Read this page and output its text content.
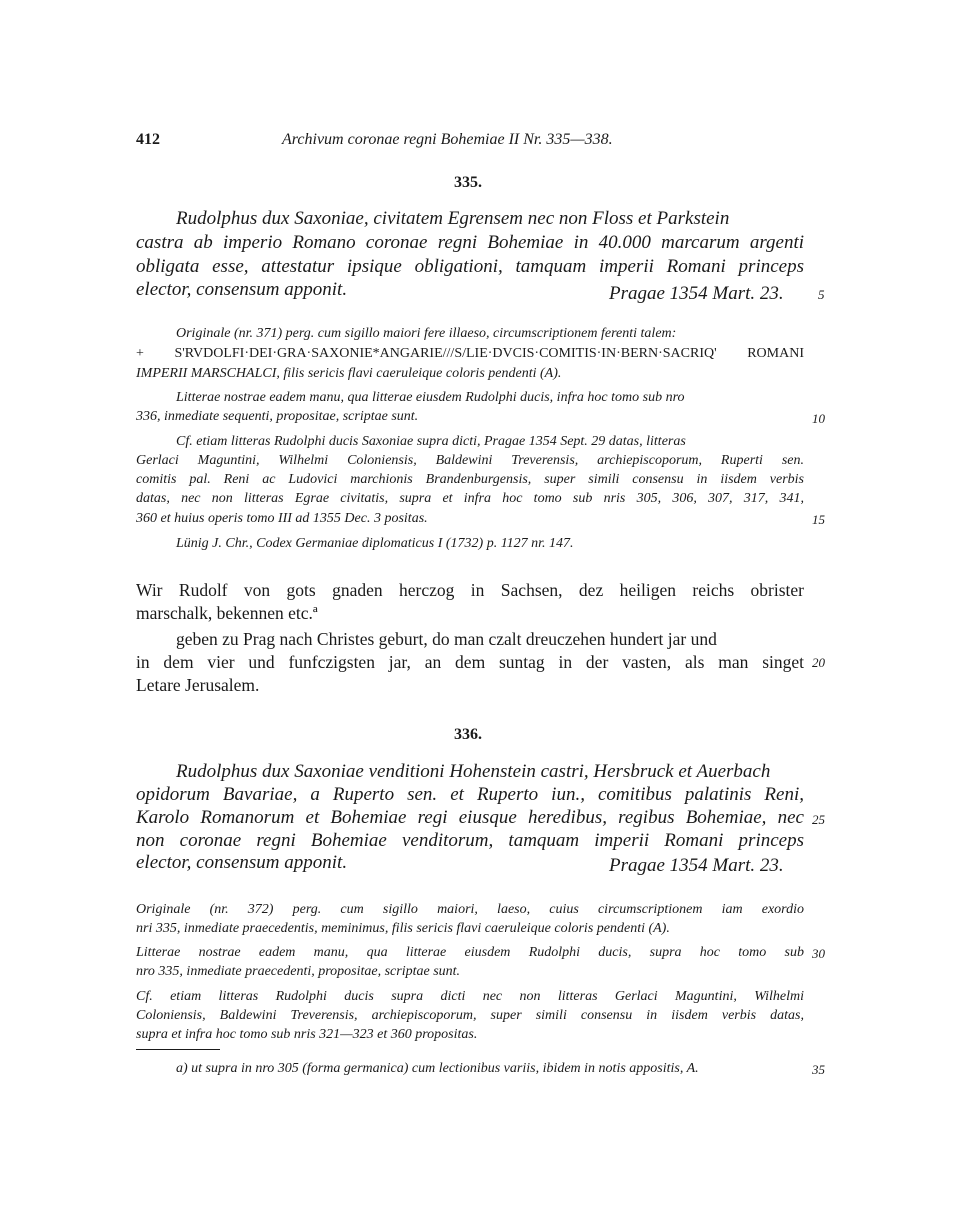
412	Archivum coronae regni Bohemiae II Nr. 335—338.
335.
Rudolphus dux Saxoniae, civitatem Egrensem nec non Floss et Parkstein
castra ab imperio Romano coronae regni Bohemiae in 40.000 marcarum argenti
obligata esse, attestatur ipsique obligationi, tamquam imperii Romani princeps
elector, consensum apponit.	Pragae 1354 Mart. 23.	5
Originale (nr. 371) perg. cum sigillo maiori fere illaeso, circumscriptionem ferenti talem:
+ S'RVDOLFI·DEI·GRA·SAXONIE*ANGARIE///S/LIE·DVCIS·COMITIS·IN·BERN·SACRIQ' ROMANI
IMPERII MARSCHALCI, filis sericis flavi caeruleique coloris pendenti (A).
Litterae nostrae eadem manu, qua litterae eiusdem Rudolphi ducis, infra hoc tomo sub nro
336, inmediate sequenti, propositae, scriptae sunt.	10
Cf. etiam litteras Rudolphi ducis Saxoniae supra dicti, Pragae 1354 Sept. 29 datas, litteras
Gerlaci Maguntini, Wilhelmi Coloniensis, Baldewini Treverensis, archiepiscoporum, Ruperti sen.
comitis pal. Reni ac Ludovici marchionis Brandenburgensis, super simili consensu in iisdem verbis
datas, nec non litteras Egrae civitatis, supra et infra hoc tomo sub nris 305, 306, 307, 317, 341,
360 et huius operis tomo III ad 1355 Dec. 3 positas.	15
Lünig J. Chr., Codex Germaniae diplomaticus I (1732) p. 1127 nr. 147.
Wir Rudolf von gots gnaden herczog in Sachsen, dez heiligen reichs obrister
marschalk, bekennen etc.ª
geben zu Prag nach Christes geburt, do man czalt dreuczehen hundert jar und
in dem vier und funfczigsten jar, an dem suntag in der vasten, als man singet 20
Letare Jerusalem.
336.
Rudolphus dux Saxoniae venditioni Hohenstein castri, Hersbruck et Auerbach
opidorum Bavariae, a Ruperto sen. et Ruperto iun., comitibus palatinis Reni,
Karolo Romanorum et Bohemiae regi eiusque heredibus, regibus Bohemiae, nec 25
non coronae regni Bohemiae venditorum, tamquam imperii Romani princeps
elector, consensum apponit.	Pragae 1354 Mart. 23.
Originale (nr. 372) perg. cum sigillo maiori, laeso, cuius circumscriptionem iam exordio
nri 335, inmediate praecedentis, meminimus, filis sericis flavi caeruleique coloris pendenti (A).
Litterae nostrae eadem manu, qua litterae eiusdem Rudolphi ducis, supra hoc tomo sub 30
nro 335, inmediate praecedenti, propositae, scriptae sunt.
Cf. etiam litteras Rudolphi ducis supra dicti nec non litteras Gerlaci Maguntini, Wilhelmi
Coloniensis, Baldewini Treverensis, archiepiscoporum, super simili consensu in iisdem verbis datas,
supra et infra hoc tomo sub nris 321—323 et 360 propositas.
a) ut supra in nro 305 (forma germanica) cum lectionibus variis, ibidem in notis appositis, A.	35
